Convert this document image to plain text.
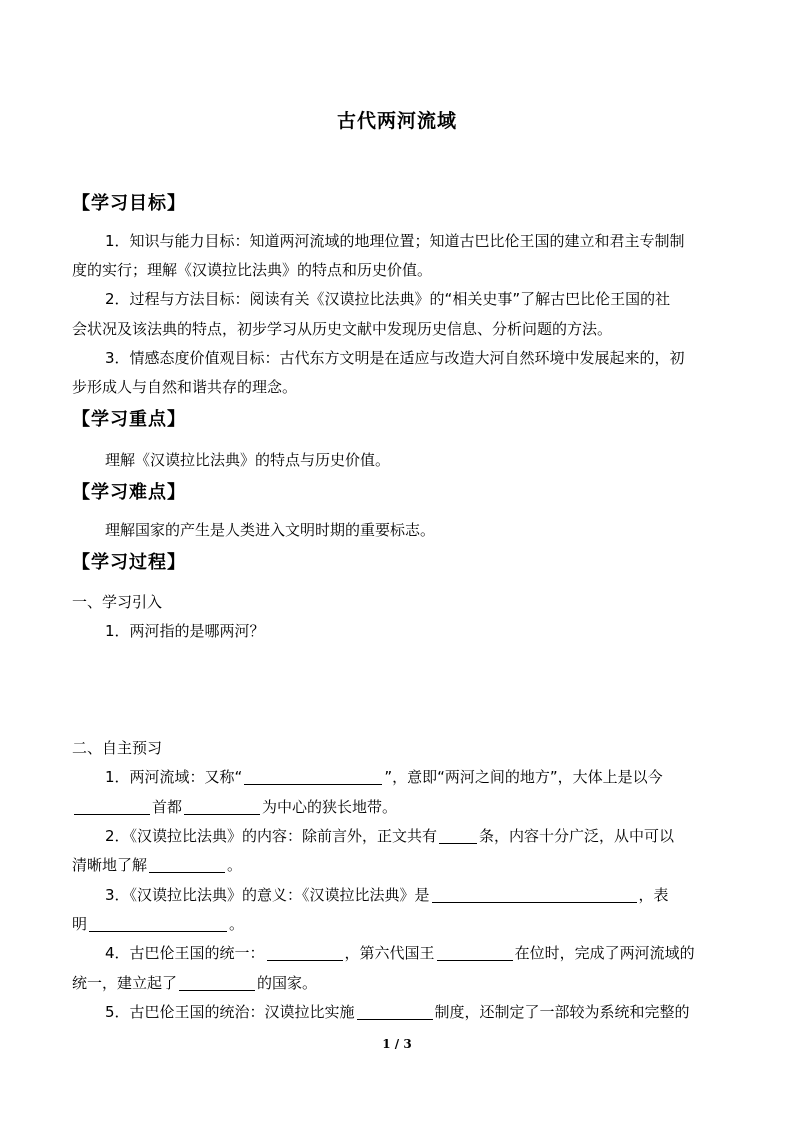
古代两河流域
【学习目标】
1．知识与能力目标：知道两河流域的地理位置；知道古巴比伦王国的建立和君主专制制
度的实行；理解《汉谟拉比法典》的特点和历史价值。
2．过程与方法目标：阅读有关《汉谟拉比法典》的“相关史事”了解古巴比伦王国的社
会状况及该法典的特点，初步学习从历史文献中发现历史信息、分析问题的方法。
3．情感态度价值观目标：古代东方文明是在适应与改造大河自然环境中发展起来的，初
步形成人与自然和谐共存的理念。
【学习重点】
理解《汉谟拉比法典》的特点与历史价值。
【学习难点】
理解国家的产生是人类进入文明时期的重要标志。
【学习过程】
一、学习引入
1．两河指的是哪两河？
二、自主预习
1．两河流域：又称“	”，意即“两河之间的地方”，大体上是以今
首都	为中心的狭长地带。
2．《汉谟拉比法典》的内容：除前言外，正文共有	条，内容十分广泛，从中可以
清晰地了解	。
3．《汉谟拉比法典》的意义：《汉谟拉比法典》是	，表
明	。
4．古巴伦王国的统一：	，第六代国王	在位时，完成了两河流域的
统一，建立起了	的国家。
5．古巴伦王国的统治：汉谟拉比实施	制度，还制定了一部较为系统和完整的
1 / 3
